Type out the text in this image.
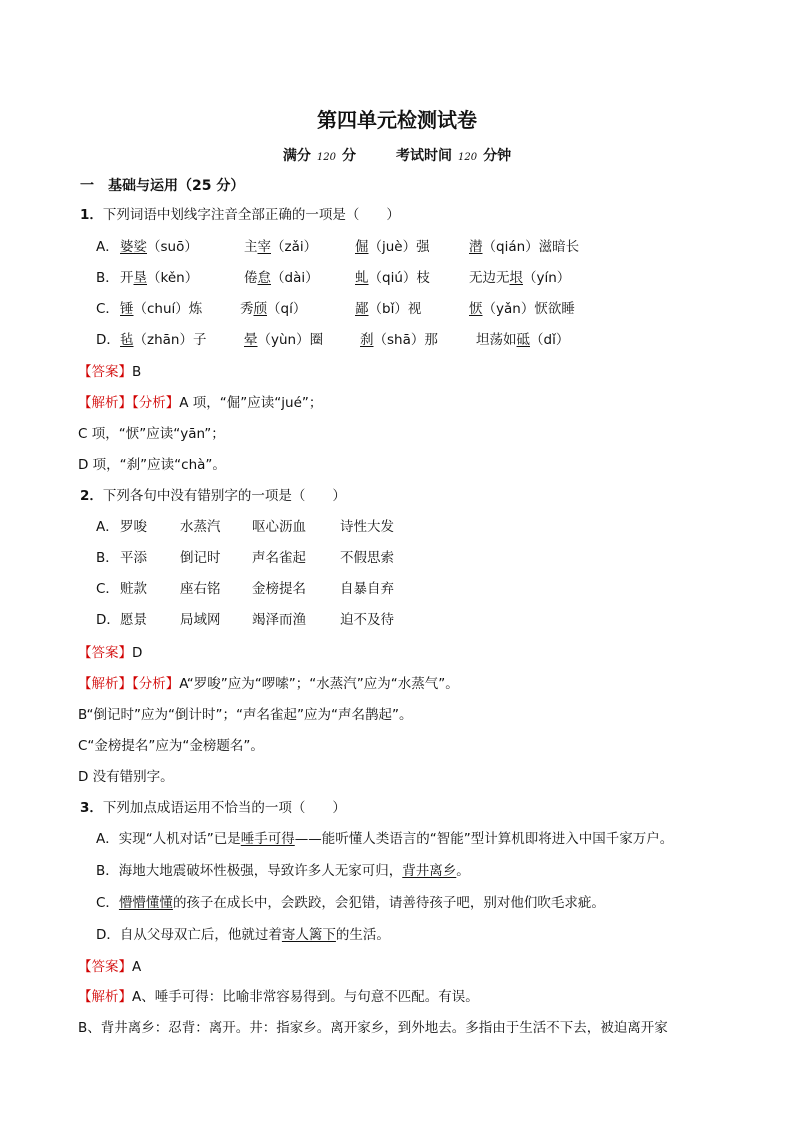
第四单元检测试卷
满分 120 分	考试时间 120 分钟
一 基础与运用（25 分）
1．下列词语中划线字注音全部正确的一项是（　　）
A． 婆娑（suō）	主宰（zǎi）	倔（juè）强	潜（qián）滋暗长
B． 开垦（kěn）	倦怠（dài）	虬（qiú）枝	无边无垠（yín）
C． 锤（chuí）炼	秀颀（qí）	鄙（bǐ）视	恹（yǎn）恹欲睡
D． 毡（zhān）子	晕（yùn）圈	刹（shā）那	坦荡如砥（dǐ）
【答案】B
【解析】【分析】A 项，“倔”应读“jué”；
C 项，“恹”应读“yān”；
D 项，“刹”应读“chà”。
2．下列各句中没有错别字的一项是（　　）
A． 罗唆 水蒸汽 呕心沥血	诗性大发
B． 平添 倒记时 声名雀起	不假思索
C． 赃款 座右铭 金榜提名	自暴自弃
D． 愿景 局域网 竭泽而渔	迫不及待
【答案】D
【解析】【分析】A“罗唆”应为“啰嗦”；“水蒸汽”应为“水蒸气”。
B“倒记时”应为“倒计时”；“声名雀起”应为“声名鹊起”。
C“金榜提名”应为“金榜题名”。
D 没有错别字。
3．下列加点成语运用不恰当的一项（　　）
A．实现“人机对话”已是唾手可得——能听懂人类语言的“智能”型计算机即将进入中国千家万户。
B．海地大地震破坏性极强，导致许多人无家可归，背井离乡。
C．懵懵懂懂的孩子在成长中，会跌跤，会犯错，请善待孩子吧，别对他们吹毛求疵。
D．自从父母双亡后，他就过着寄人篱下的生活。
【答案】A
【解析】A、唾手可得：比喻非常容易得到。与句意不匹配。有误。
B、背井离乡：忍背：离开。井：指家乡。离开家乡，到外地去。多指由于生活不下去，被迫离开家
